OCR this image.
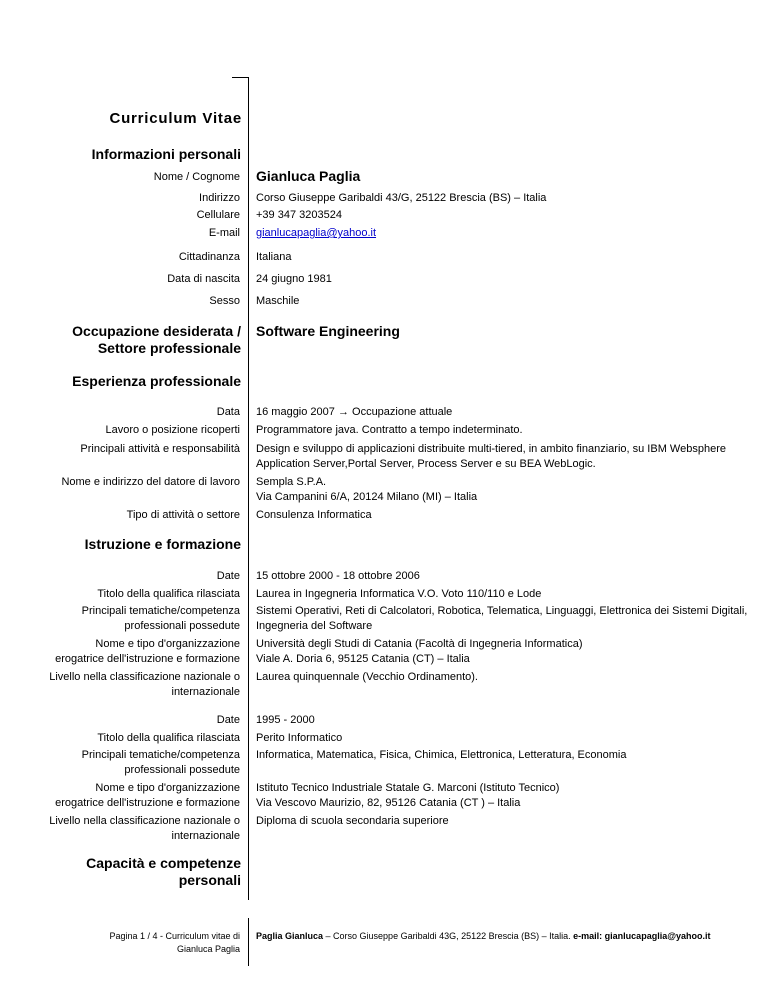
Curriculum Vitae
Informazioni personali
Nome / Cognome Gianluca Paglia
Indirizzo Corso Giuseppe Garibaldi 43/G, 25122 Brescia (BS) – Italia
Cellulare +39 347 3203524
E-mail gianlucapaglia@yahoo.it
Cittadinanza Italiana
Data di nascita 24 giugno 1981
Sesso Maschile
Occupazione desiderata /
Settore professionale
Software Engineering
Esperienza professionale
Data 16 maggio 2007 → Occupazione attuale
Lavoro o posizione ricoperti Programmatore java. Contratto a tempo indeterminato.
Principali attività e responsabilità Design e sviluppo di applicazioni distribuite multi-tiered, in ambito finanziario, su IBM Websphere
Application Server,Portal Server, Process Server e su BEA WebLogic.
Nome e indirizzo del datore di lavoro Sempla S.P.A.
Via Campanini 6/A, 20124 Milano (MI) – Italia
Tipo di attività o settore Consulenza Informatica
Istruzione e formazione
Date 15 ottobre 2000 - 18 ottobre 2006
Titolo della qualifica rilasciata Laurea in Ingegneria Informatica V.O. Voto 110/110 e Lode
Principali tematiche/competenza
professionali possedute
Sistemi Operativi, Reti di Calcolatori, Robotica, Telematica, Linguaggi, Elettronica dei Sistemi Digitali,
Ingegneria del Software
Nome e tipo d'organizzazione
erogatrice dell'istruzione e formazione
Università degli Studi di Catania (Facoltà di Ingegneria Informatica)
Viale A. Doria 6, 95125 Catania (CT) – Italia
Livello nella classificazione nazionale o
internazionale
Laurea quinquennale (Vecchio Ordinamento).
Date 1995 - 2000
Titolo della qualifica rilasciata Perito Informatico
Principali tematiche/competenza
professionali possedute
Informatica, Matematica, Fisica, Chimica, Elettronica, Letteratura, Economia
Nome e tipo d'organizzazione
erogatrice dell'istruzione e formazione
Istituto Tecnico Industriale Statale G. Marconi (Istituto Tecnico)
Via Vescovo Maurizio, 82, 95126 Catania (CT ) – Italia
Livello nella classificazione nazionale o
internazionale
Diploma di scuola secondaria superiore
Capacità e competenze
personali
Pagina 1 / 4 - Curriculum vitae di
Gianluca Paglia
Paglia Gianluca – Corso Giuseppe Garibaldi 43G, 25122 Brescia (BS) – Italia. e-mail: gianlucapaglia@yahoo.it
